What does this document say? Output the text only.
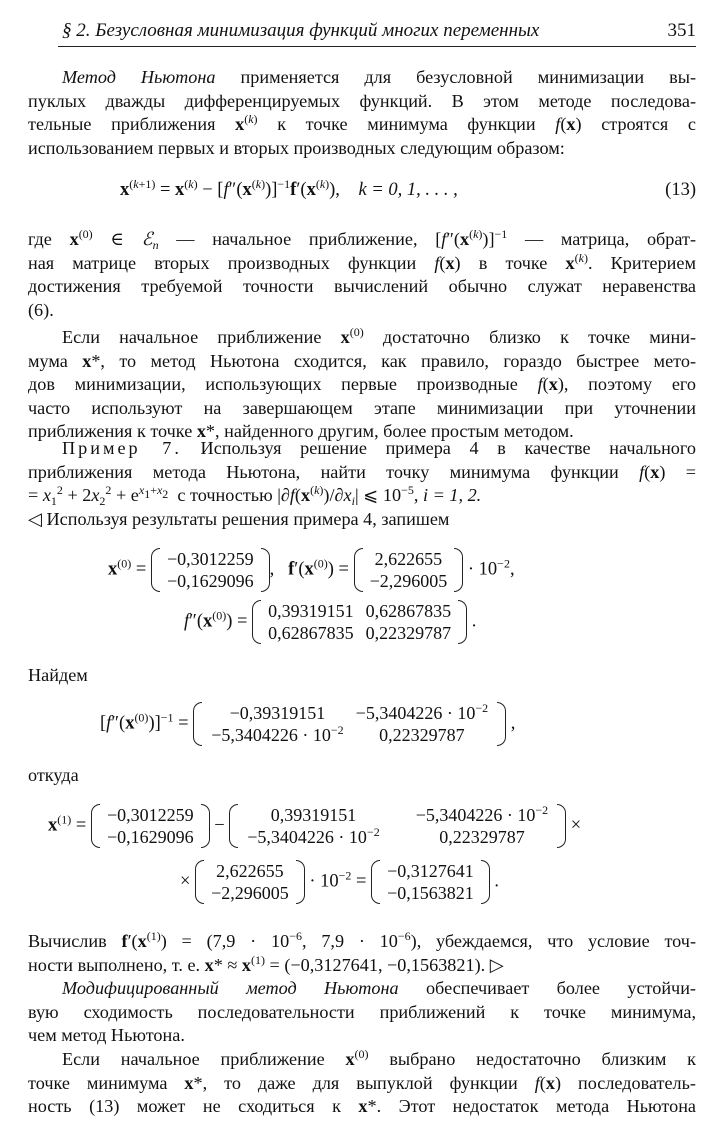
§ 2. Безусловная минимизация функций многих переменных	351
Метод Ньютона применяется для безусловной минимизации вы-
пуклых дважды дифференцируемых функций. В этом методе последова-
тельные приближения $x^{(k)}$ к точке минимума функции f(x) строятся с
использованием первых и вторых производных следующим образом:
$x^{(k+1)} = x^{(k)} - [f''(x^{(k)})]^{-1}f'(x^{(k)})$,    k = 0, 1, . . . ,	(13)
где $x^{(0)}$ ∈ ℰ$_n$ — начальное приближение, $[f''(x^{(k)})]^{-1}$ — матрица, обрат-
ная матрице вторых производных функции f(x) в точке $x^{(k)}$. Критерием
достижения требуемой точности вычислений обычно служат неравенства
(6).
Если начальное приближение $x^{(0)}$ достаточно близко к точке мини-
мума x*, то метод Ньютона сходится, как правило, гораздо быстрее мето-
дов минимизации, использующих первые производные f(x), поэтому его
часто используют на завершающем этапе минимизации при уточнении
приближения к точке x*, найденного другим, более простым методом.
Пример 7. Используя решение примера 4 в качестве начального
приближения метода Ньютона, найти точку минимума функции f(x) =
= $x_1^2 + 2x_2^2 + e^{x_1+x_2}$ с точностью $|\partial f(x^{(k)})/\partial x_i|$ ⩽ $10^{-5}$, i = 1, 2.
◁ Используя результаты решения примера 4, запишем
$x^{(0)}$ =
−0,3012259
−0,1629096
,   $f'(x^{(0)})$ =
2,622655
−2,296005
· $10^{-2}$,
$f''(x^{(0)})$ =
0,39319151	0,62867835
0,62867835	0,22329787
.
Найдем
$[f''(x^{(0)})]^{-1}$ =
−0,39319151	$-5,3404226 \cdot 10^{-2}$
$-5,3404226 \cdot 10^{-2}$	0,22329787
,
откуда
$x^{(1)}$ =
−0,3012259
−0,1629096
−
0,39319151	$-5,3404226 \cdot 10^{-2}$
$-5,3404226 \cdot 10^{-2}$	0,22329787
×
×
2,622655
−2,296005
· $10^{-2}$ =
−0,3127641
−0,1563821
.
Вычислив $f'(x^{(1)}) = (7,9 \cdot 10^{-6}$, $7,9 \cdot 10^{-6}$), убеждаемся, что условие точ-
ности выполнено, т. е. $x* \approx x^{(1)} = (-0,3127641$, −0,1563821). ▷
Модифицированный метод Ньютона обеспечивает более устойчи-
вую сходимость последовательности приближений к точке минимума,
чем метод Ньютона.
Если начальное приближение $x^{(0)}$ выбрано недостаточно близким к
точке минимума x*, то даже для выпуклой функции f(x) последователь-
ность (13) может не сходиться к x*. Этот недостаток метода Ньютона
